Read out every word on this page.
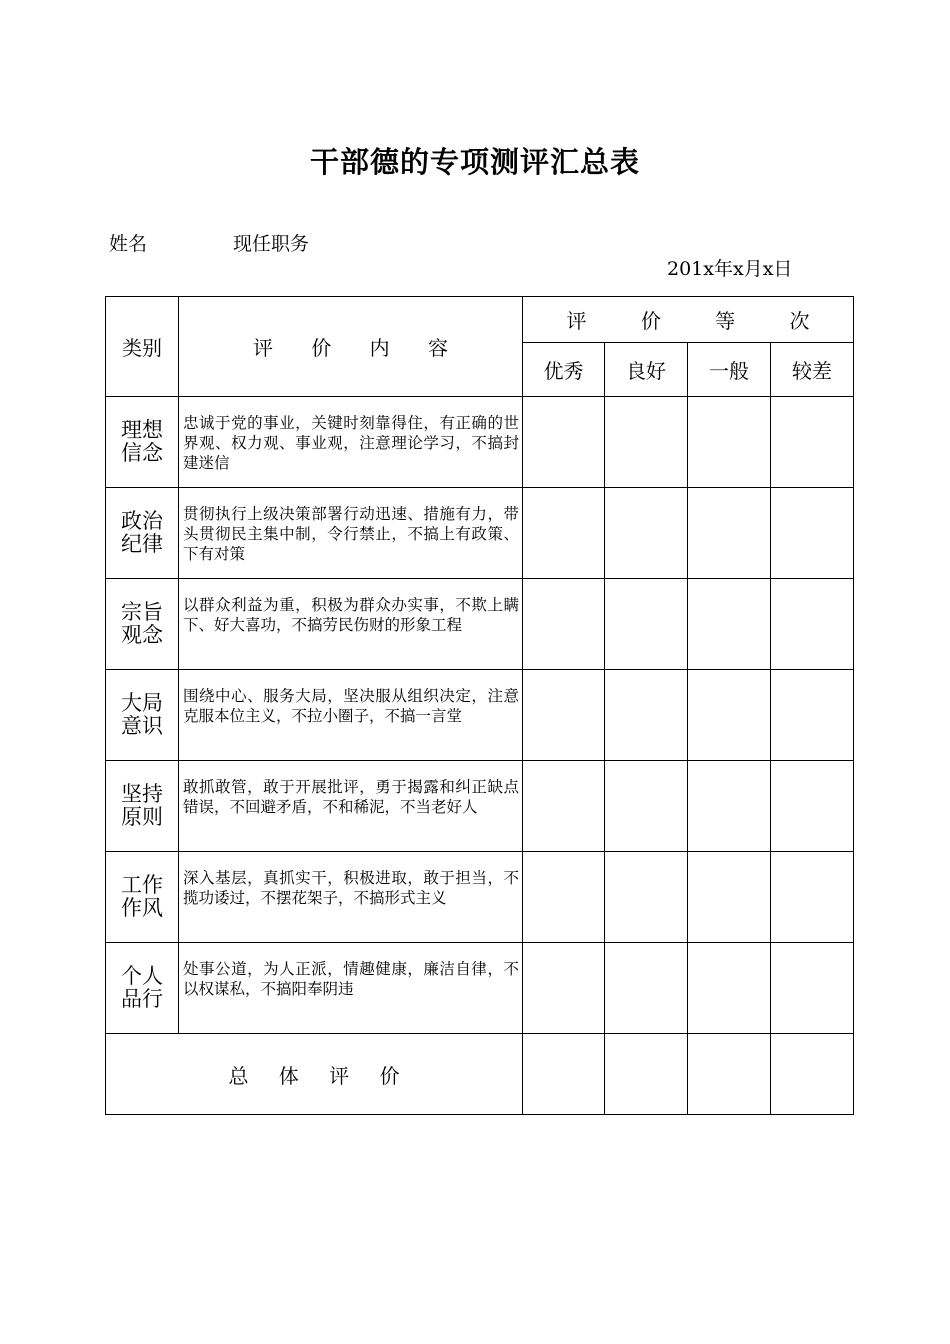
干部德的专项测评汇总表
姓名	现任职务
201x年x月x日
类别	评 价 内 容	评 价 等 次			
		优秀	良好	一般	较差

理想
信念	忠诚于党的事业，关键时刻靠得住，有正确的世界观、权力观、事业观，注意理论学习，不搞封建迷信				

政治
纪律	贯彻执行上级决策部署行动迅速、措施有力，带头贯彻民主集中制，令行禁止，不搞上有政策、下有对策				

宗旨
观念	以群众利益为重，积极为群众办实事，不欺上瞒下、好大喜功，不搞劳民伤财的形象工程				

大局
意识	围绕中心、服务大局，坚决服从组织决定，注意克服本位主义，不拉小圈子，不搞一言堂				

坚持
原则	敢抓敢管，敢于开展批评，勇于揭露和纠正缺点错误，不回避矛盾，不和稀泥，不当老好人				

工作
作风	深入基层，真抓实干，积极进取，敢于担当，不揽功诿过，不摆花架子，不搞形式主义				

个人
品行	处事公道，为人正派，情趣健康，廉洁自律，不以权谋私，不搞阳奉阴违				
总 体 评 价					
